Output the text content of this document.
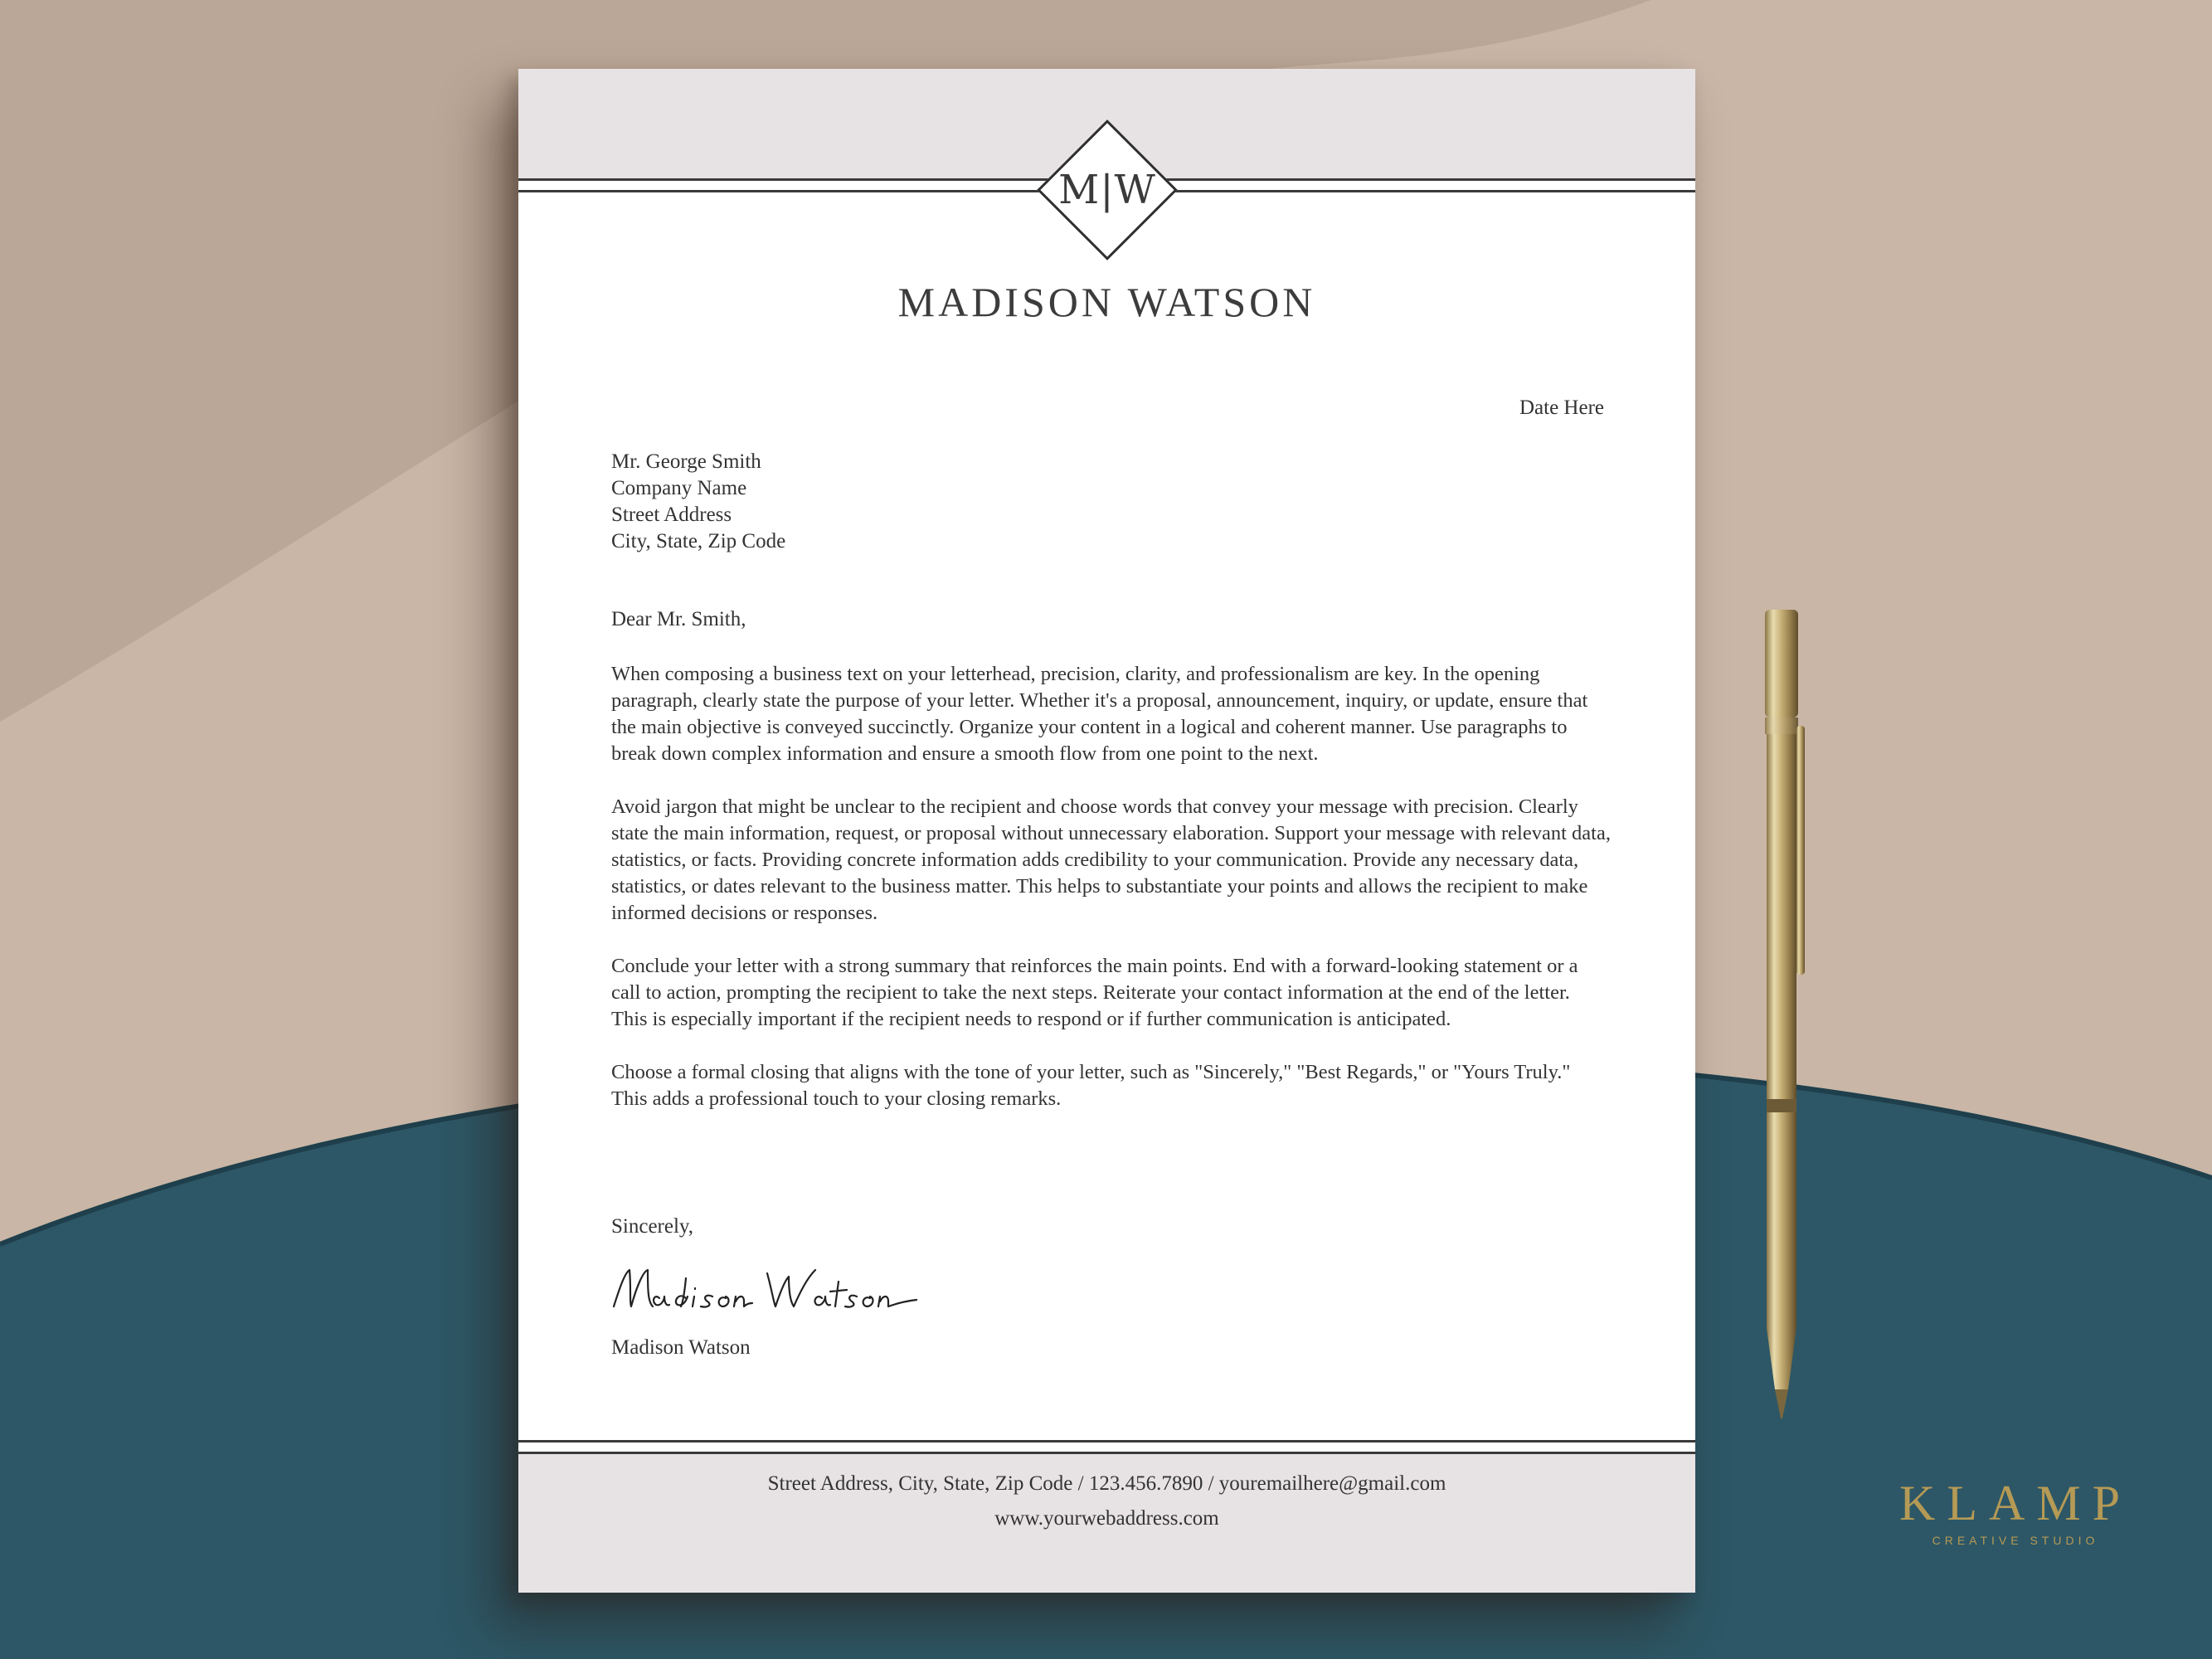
M|W
MADISON WATSON
Date Here
Mr. George Smith
Company Name
Street Address
City, State, Zip Code
Dear Mr. Smith,

When composing a business text on your letterhead, precision, clarity, and professionalism are key. In the opening paragraph, clearly state the purpose of your letter. Whether it's a proposal, announcement, inquiry, or update, ensure that the main objective is conveyed succinctly. Organize your content in a logical and coherent manner. Use paragraphs to break down complex information and ensure a smooth flow from one point to the next.

Avoid jargon that might be unclear to the recipient and choose words that convey your message with precision. Clearly state the main information, request, or proposal without unnecessary elaboration. Support your message with relevant data, statistics, or facts. Providing concrete information adds credibility to your communication. Provide any necessary data, statistics, or dates relevant to the business matter. This helps to substantiate your points and allows the recipient to make informed decisions or responses.

Conclude your letter with a strong summary that reinforces the main points. End with a forward-looking statement or a call to action, prompting the recipient to take the next steps. Reiterate your contact information at the end of the letter. This is especially important if the recipient needs to respond or if further communication is anticipated.

Choose a formal closing that aligns with the tone of your letter, such as "Sincerely," "Best Regards," or "Yours Truly." This adds a professional touch to your closing remarks.

Sincerely,
Madison Watson
Street Address, City, State, Zip Code / 123.456.7890 / youremailhere@gmail.com
www.yourwebaddress.com	KLAMP
CREATIVE STUDIO
